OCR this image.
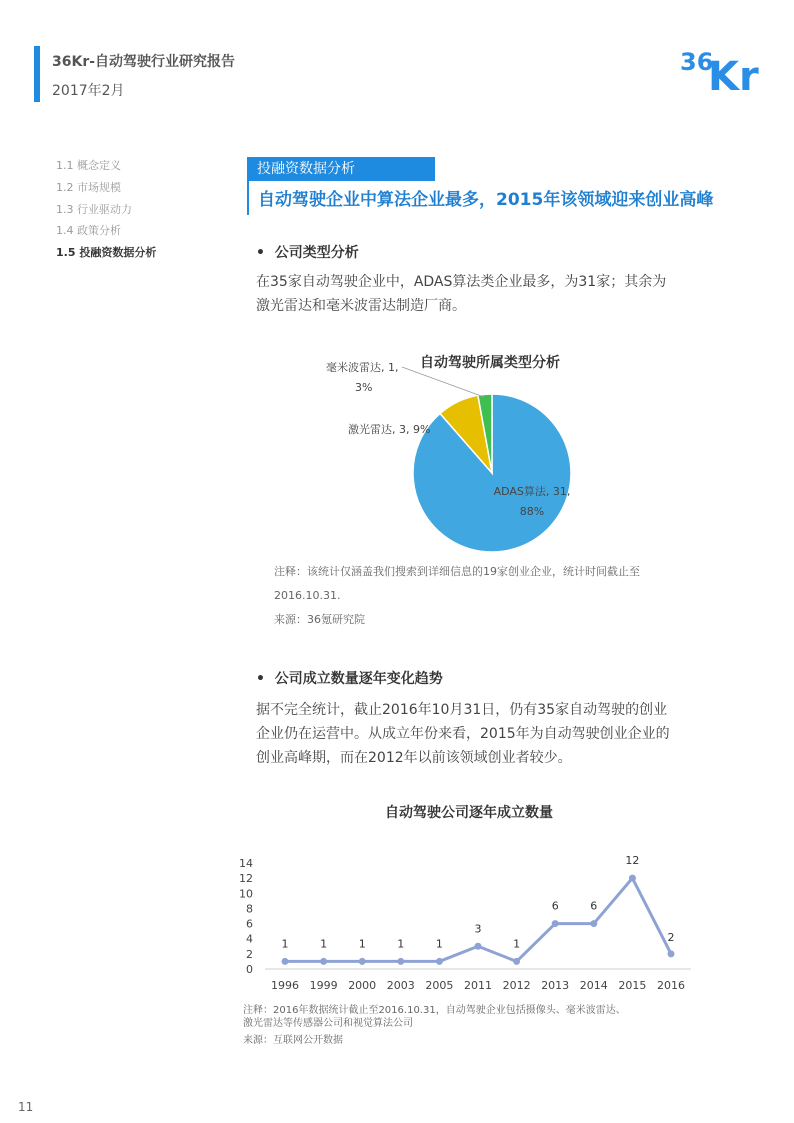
36Kr-自动驾驶行业研究报告
2017年2月
36
Kr
1.1 概念定义
1.2 市场规模
1.3 行业驱动力
1.4 政策分析
1.5 投融资数据分析
投融资数据分析
自动驾驶企业中算法企业最多，2015年该领域迎来创业高峰
•  公司类型分析
在35家自动驾驶企业中，ADAS算法类企业最多，为31家；其余为
激光雷达和毫米波雷达制造厂商。
自动驾驶所属类型分析
毫米波雷达, 1,
3%
激光雷达, 3, 9%
ADAS算法, 31,
88%
注释：该统计仅涵盖我们搜索到详细信息的19家创业企业，统计时间截止至
2016.10.31.
来源：36氪研究院
•  公司成立数量逐年变化趋势
据不完全统计，截止2016年10月31日，仍有35家自动驾驶的创业
企业仍在运营中。从成立年份来看，2015年为自动驾驶创业企业的
创业高峰期，而在2012年以前该领域创业者较少。
自动驾驶公司逐年成立数量
0
2
4
6
8
10
12
14
1996 1999 2000 2003 2005 2011 2012 2013 2014 2015 2016
1	1	1	1	1
3
1
6	6
12
2
注释：2016年数据统计截止至2016.10.31，自动驾驶企业包括摄像头、毫米波雷达、
激光雷达等传感器公司和视觉算法公司
来源：互联网公开数据
11
